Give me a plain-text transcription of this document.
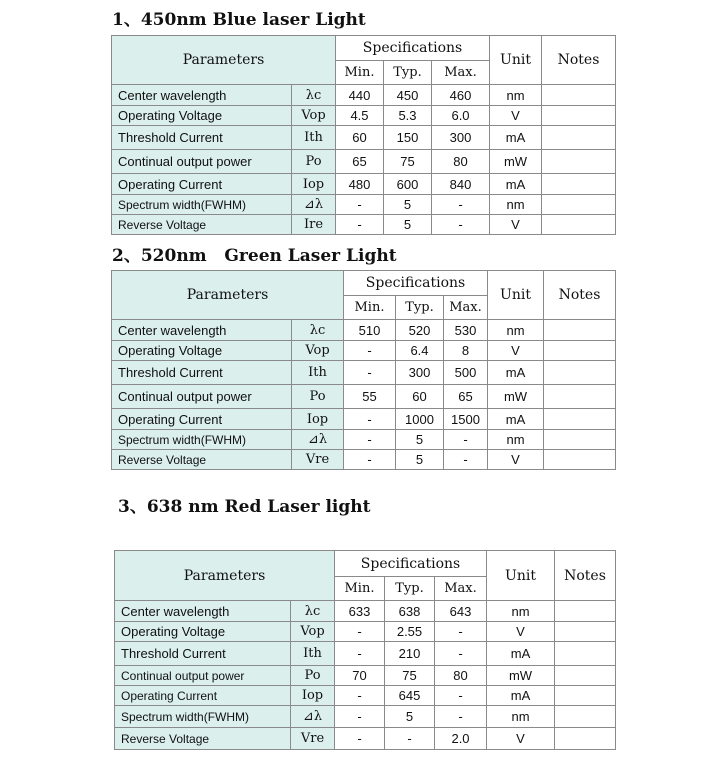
1、450nm Blue laser Light
Parameters		Specifications			Unit	Notes
		Min.	Typ.	Max.		
Center wavelength	λc	440	450	460	nm	
Operating Voltage	Vop	4.5	5.3	6.0	V	
Threshold Current	Ith	60	150	300	mA	
Continual output power	Po	65	75	80	mW	
Operating Current	Iop	480	600	840	mA	
Spectrum width(FWHM)	⊿λ	-	5	-	nm	
Reverse Voltage	Ire	-	5	-	V	
2、520nm   Green Laser Light
Parameters		Specifications			Unit	Notes
		Min.	Typ.	Max.		
Center wavelength	λc	510	520	530	nm	
Operating Voltage	Vop	-	6.4	8	V	
Threshold Current	Ith	-	300	500	mA	
Continual output power	Po	55	60	65	mW	
Operating Current	Iop	-	1000	1500	mA	
Spectrum width(FWHM)	⊿λ	-	5	-	nm	
Reverse Voltage	Vre	-	5	-	V	
3、638 nm Red Laser light
Parameters		Specifications			Unit	Notes
		Min.	Typ.	Max.		
Center wavelength	λc	633	638	643	nm	
Operating Voltage	Vop	-	2.55	-	V	
Threshold Current	Ith	-	210	-	mA	
Continual output power	Po	70	75	80	mW	
Operating Current	Iop	-	645	-	mA	
Spectrum width(FWHM)	⊿λ	-	5	-	nm	
Reverse Voltage	Vre	-	-	2.0	V	
